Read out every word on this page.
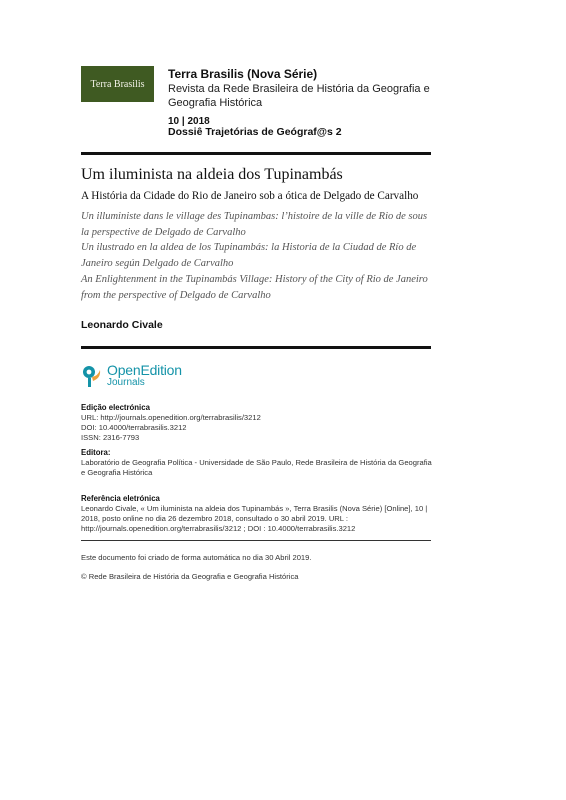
Terra Brasilis
Terra Brasilis (Nova Série)
Revista da Rede Brasileira de História da Geografia e Geografia Histórica
10 | 2018
Dossiê Trajetórias de Geógraf@s 2
Um iluminista na aldeia dos Tupinambás
A História da Cidade do Rio de Janeiro sob a ótica de Delgado de Carvalho
Un illuministe dans le village des Tupinambas: l’histoire de la ville de Rio de sous la perspective de Delgado de Carvalho
Un ilustrado en la aldea de los Tupinambás: la Historia de la Ciudad de Río de Janeiro según Delgado de Carvalho
An Enlightenment in the Tupinambás Village: History of the City of Rio de Janeiro from the perspective of Delgado de Carvalho
Leonardo Civale
OpenEdition
Journals
Edição electrónica
URL: http://journals.openedition.org/terrabrasilis/3212
DOI: 10.4000/terrabrasilis.3212
ISSN: 2316-7793
Editora:
Laboratório de Geografia Política - Universidade de São Paulo, Rede Brasileira de História da Geografia e Geografia Histórica
Referência eletrónica
Leonardo Civale, « Um iluminista na aldeia dos Tupinambás », Terra Brasilis (Nova Série) [Online], 10 | 2018, posto online no dia 26 dezembro 2018, consultado o 30 abril 2019. URL : http://journals.openedition.org/terrabrasilis/3212 ; DOI : 10.4000/terrabrasilis.3212
Este documento foi criado de forma automática no dia 30 Abril 2019.
© Rede Brasileira de História da Geografia e Geografia Histórica
